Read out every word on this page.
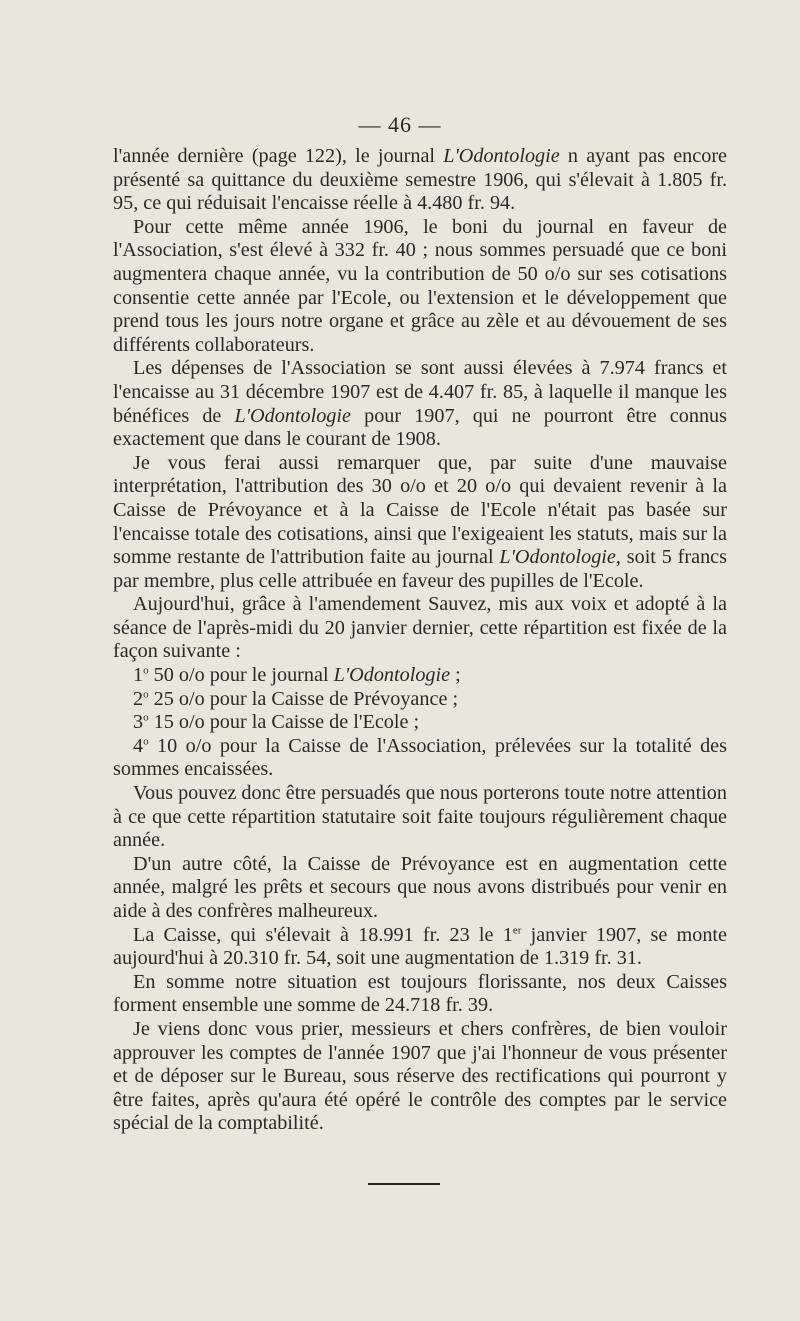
— 46 —

l'année dernière (page 122), le journal L'Odontologie n ayant pas encore présenté sa quittance du deuxième semestre 1906, qui s'élevait à 1.805 fr. 95, ce qui réduisait l'encaisse réelle à 4.480 fr. 94.

Pour cette même année 1906, le boni du journal en faveur de l'Association, s'est élevé à 332 fr. 40 ; nous sommes persuadé que ce boni augmentera chaque année, vu la contribution de 50 o/o sur ses cotisations consentie cette année par l'Ecole, ou l'extension et le développement que prend tous les jours notre organe et grâce au zèle et au dévouement de ses différents collaborateurs.

Les dépenses de l'Association se sont aussi élevées à 7.974 francs et l'encaisse au 31 décembre 1907 est de 4.407 fr. 85, à laquelle il manque les bénéfices de L'Odontologie pour 1907, qui ne pourront être connus exactement que dans le courant de 1908.

Je vous ferai aussi remarquer que, par suite d'une mauvaise interprétation, l'attribution des 30 o/o et 20 o/o qui devaient revenir à la Caisse de Prévoyance et à la Caisse de l'Ecole n'était pas basée sur l'encaisse totale des cotisations, ainsi que l'exigeaient les statuts, mais sur la somme restante de l'attribution faite au journal L'Odontologie, soit 5 francs par membre, plus celle attribuée en faveur des pupilles de l'Ecole.

Aujourd'hui, grâce à l'amendement Sauvez, mis aux voix et adopté à la séance de l'après-midi du 20 janvier dernier, cette répartition est fixée de la façon suivante :

1$^o$ 50 o/o pour le journal L'Odontologie ;

2$^o$ 25 o/o pour la Caisse de Prévoyance ;

3$^o$ 15 o/o pour la Caisse de l'Ecole ;

4$^o$ 10 o/o pour la Caisse de l'Association, prélevées sur la totalité des sommes encaissées.

Vous pouvez donc être persuadés que nous porterons toute notre attention à ce que cette répartition statutaire soit faite toujours régulièrement chaque année.

D'un autre côté, la Caisse de Prévoyance est en augmentation cette année, malgré les prêts et secours que nous avons distribués pour venir en aide à des confrères malheureux.

La Caisse, qui s'élevait à 18.991 fr. 23 le 1er janvier 1907, se monte aujourd'hui à 20.310 fr. 54, soit une augmentation de 1.319 fr. 31.

En somme notre situation est toujours florissante, nos deux Caisses forment ensemble une somme de 24.718 fr. 39.

Je viens donc vous prier, messieurs et chers confrères, de bien vouloir approuver les comptes de l'année 1907 que j'ai l'honneur de vous présenter et de déposer sur le Bureau, sous réserve des rectifications qui pourront y être faites, après qu'aura été opéré le contrôle des comptes par le service spécial de la comptabilité.
